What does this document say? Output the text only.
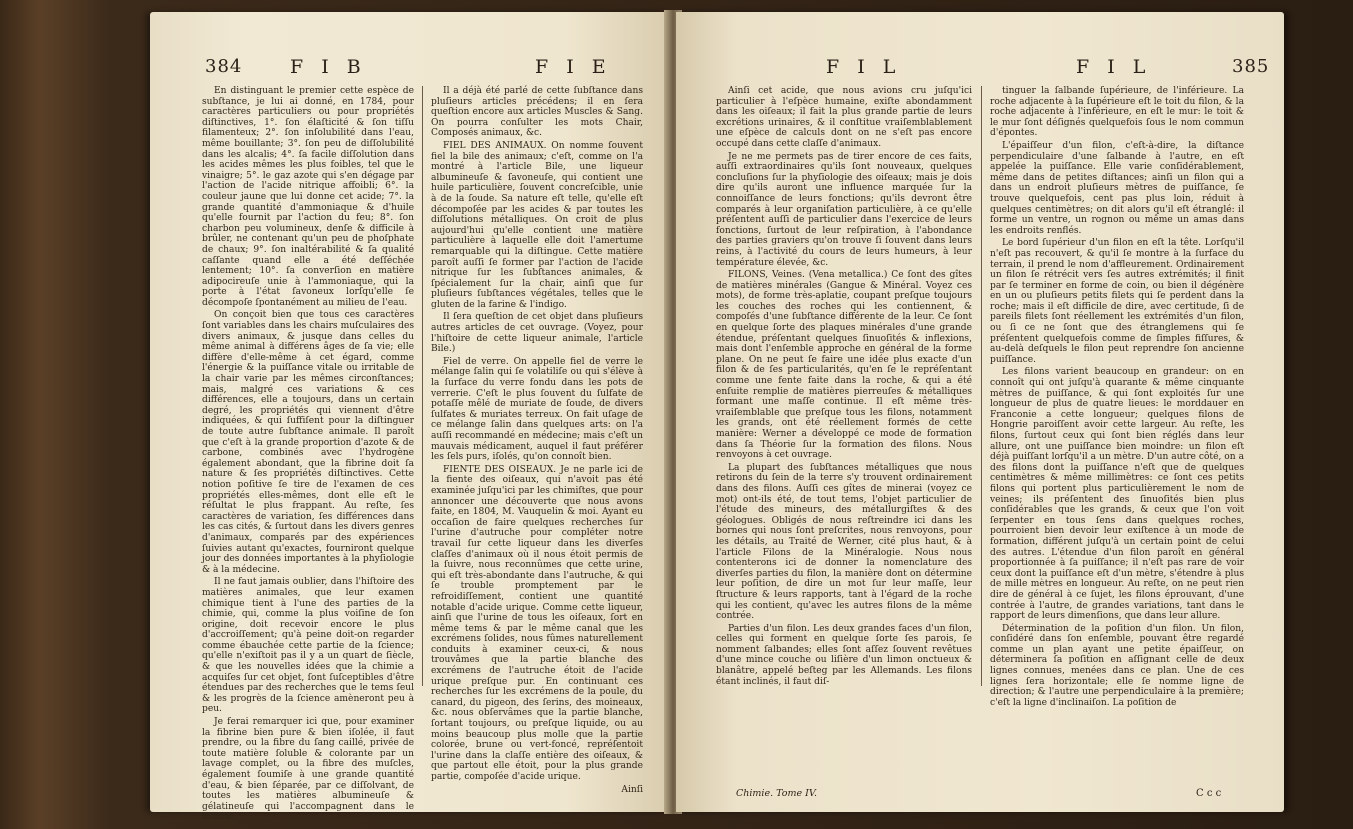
384	F I B	F I E

En distinguant le premier cette espèce de subſtance, je lui ai donné, en 1784, pour caractères particuliers ou pour propriétés diſtinctives, 1°. ſon élaſticité & ſon tiſſu filamenteux; 2°. ſon inſolubilité dans l'eau, même bouillante; 3°. ſon peu de diſſolubilité dans les alcalis; 4°. ſa facile diſſolution dans les acides mêmes les plus foibles, tel que le vinaigre; 5°. le gaz azote qui s'en dégage par l'action de l'acide nitrique affoibli; 6°. la couleur jaune que lui donne cet acide; 7°. la grande quantité d'ammoniaque & d'huile qu'elle fournit par l'action du feu; 8°. ſon charbon peu volumineux, denſe & difficile à brûler, ne contenant qu'un peu de phoſphate de chaux; 9°. ſon inaltérabilité & ſa qualité caſſante quand elle a été deſſéchée lentement; 10°. ſa converſion en matière adipocireuſe unie à l'ammoniaque, qui la porte à l'état ſavoneux lorſqu'elle ſe décompoſe ſpontanément au milieu de l'eau.

On conçoit bien que tous ces caractères ſont variables dans les chairs muſculaires des divers animaux, & jusque dans celles du même animal à différens âges de ſa vie; elle diffère d'elle-même à cet égard, comme l'énergie & la puiſſance vitale ou irritable de la chair varie par les mêmes circonſtances; mais, malgré ces variations & ces différences, elle a toujours, dans un certain degré, les propriétés qui viennent d'être indiquées, & qui ſuffiſent pour la diſtinguer de toute autre ſubſtance animale. Il paroît que c'eſt à la grande proportion d'azote & de carbone, combinés avec l'hydrogène également abondant, que la fibrine doit ſa nature & ſes propriétés diſtinctives. Cette notion poſitive ſe tire de l'examen de ces propriétés elles-mêmes, dont elle eſt le réſultat le plus frappant. Au reſte, ſes caractères de variation, ſes différences dans les cas cités, & ſurtout dans les divers genres d'animaux, comparés par des expériences ſuivies autant qu'exactes, fourniront quelque jour des données importantes à la phyſiologie & à la médecine.

Il ne faut jamais oublier, dans l'hiſtoire des matières animales, que leur examen chimique tient à l'une des parties de la chimie, qui, comme la plus voiſine de ſon origine, doit recevoir encore le plus d'accroiſſement; qu'à peine doit-on regarder comme ébauchée cette partie de la ſcience; qu'elle n'exiſtoit pas il y a un quart de ſiècle, & que les nouvelles idées que la chimie a acquiſes ſur cet objet, ſont ſuſceptibles d'être étendues par des recherches que le tems ſeul & les progrès de la ſcience amèneront peu à peu.

Je ferai remarquer ici que, pour examiner la fibrine bien pure & bien iſolée, il faut prendre, ou la fibre du ſang caillé, privée de toute matière ſoluble & colorante par un lavage complet, ou la fibre des muſcles, également ſoumiſe à une grande quantité d'eau, & bien ſéparée, par ce diſſolvant, de toutes les matières albumineuſe & gélatineuſe qui l'accompagnent dans le muſcle.

Il a déjà été parlé de cette ſubſtance dans pluſieurs articles précédens; il en ſera queſtion encore aux articles Muscles & Sang. On pourra conſulter les mots Chair, Composés animaux, &c.

FIEL DES ANIMAUX. On nomme ſouvent fiel la bile des animaux; c'eſt, comme on l'a montré à l'article Bile, une liqueur albumineuſe & ſavoneuſe, qui contient une huile particulière, ſouvent concreſcible, unie à de la ſoude. Sa nature eſt telle, qu'elle eſt décompoſée par les acides & par toutes les diſſolutions métalliques. On croit de plus aujourd'hui qu'elle contient une matière particulière à laquelle elle doit l'amertume remarquable qui la diſtingue. Cette matière paroît auſſi ſe former par l'action de l'acide nitrique ſur les ſubſtances animales, & ſpécialement ſur la chair, ainſi que ſur pluſieurs ſubſtances végétales, telles que le gluten de la farine & l'indigo.

Il ſera queſtion de cet objet dans pluſieurs autres articles de cet ouvrage. (Voyez, pour l'hiſtoire de cette liqueur animale, l'article Bile.)

Fiel de verre. On appelle fiel de verre le mélange ſalin qui ſe volatiliſe ou qui s'élève à la ſurface du verre fondu dans les pots de verrerie. C'eſt le plus ſouvent du ſulfate de potaſſe mêlé de muriate de ſoude, de divers ſulfates & muriates terreux. On fait uſage de ce mélange ſalin dans quelques arts: on l'a auſſi recommandé en médecine; mais c'eſt un mauvais médicament, auquel il faut préférer les ſels purs, iſolés, qu'on connoît bien.

FIENTE DES OISEAUX. Je ne parle ici de la fiente des oiſeaux, qui n'avoit pas été examinée juſqu'ici par les chimiſtes, que pour annoncer une découverte que nous avons faite, en 1804, M. Vauquelin & moi. Ayant eu occaſion de faire quelques recherches ſur l'urine d'autruche pour compléter notre travail ſur cette liqueur dans les diverſes claſſes d'animaux où il nous étoit permis de la ſuivre, nous reconnûmes que cette urine, qui eſt très-abondante dans l'autruche, & qui ſe trouble promptement par le refroidiſſement, contient une quantité notable d'acide urique. Comme cette liqueur, ainſi que l'urine de tous les oiſeaux, ſort en même tems & par le même canal que les excrémens ſolides, nous fûmes naturellement conduits à examiner ceux-ci, & nous trouvâmes que la partie blanche des excrémens de l'autruche étoit de l'acide urique preſque pur. En continuant ces recherches ſur les excrémens de la poule, du canard, du pigeon, des ſerins, des moineaux, &c. nous obſervâmes que la partie blanche, ſortant toujours, ou preſque liquide, ou au moins beaucoup plus molle que la partie colorée, brune ou vert-foncé, repréſentoit l'urine dans la claſſe entière des oiſeaux, & que partout elle étoit, pour la plus grande partie, compoſée d'acide urique.

Ainſi

F I L	F I L	385

Ainſi cet acide, que nous avions cru juſqu'ici particulier à l'eſpèce humaine, exiſte abondamment dans les oiſeaux; il fait la plus grande partie de leurs excrétions urinaires, & il conſtitue vraiſemblablement une eſpèce de calculs dont on ne s'eſt pas encore occupé dans cette claſſe d'animaux.

Je ne me permets pas de tirer encore de ces faits, auſſi extraordinaires qu'ils ſont nouveaux, quelques concluſions ſur la phyſiologie des oiſeaux; mais je dois dire qu'ils auront une influence marquée ſur la connoiſſance de leurs fonctions; qu'ils devront être comparés à leur organiſation particulière, à ce qu'elle préſentent auſſi de particulier dans l'exercice de leurs fonctions, ſurtout de leur reſpiration, à l'abondance des parties graviers qu'on trouve ſi ſouvent dans leurs reins, à l'activité du cours de leurs humeurs, à leur température élevée, &c.

FILONS, Veines. (Vena metallica.) Ce ſont des gîtes de matières minérales (Gangue & Minéral. Voyez ces mots), de forme très-aplatie, coupant preſque toujours les couches des roches qui les contiennent, & compoſés d'une ſubſtance différente de la leur. Ce ſont en quelque ſorte des plaques minérales d'une grande étendue, préſentant quelques ſinuoſités & inflexions, mais dont l'enſemble approche en général de la forme plane. On ne peut ſe faire une idée plus exacte d'un filon & de ſes particularités, qu'en ſe le repréſentant comme une fente faite dans la roche, & qui a été enſuite remplie de matières pierreuſes & métalliques formant une maſſe continue. Il eſt même très-vraiſemblable que preſque tous les filons, notamment les grands, ont été réellement formés de cette manière: Werner a développé ce mode de formation dans ſa Théorie ſur la formation des filons. Nous renvoyons à cet ouvrage.

La plupart des ſubſtances métalliques que nous retirons du ſein de la terre s'y trouvent ordinairement dans des filons. Auſſi ces gîtes de minerai (voyez ce mot) ont-ils été, de tout tems, l'objet particulier de l'étude des mineurs, des métallurgiſtes & des géologues. Obligés de nous reſtreindre ici dans les bornes qui nous ſont preſcrites, nous renvoyons, pour les détails, au Traité de Werner, cité plus haut, & à l'article Filons de la Minéralogie. Nous nous contenterons ici de donner la nomenclature des diverſes parties du filon, la manière dont on détermine leur poſition, de dire un mot ſur leur maſſe, leur ſtructure & leurs rapports, tant à l'égard de la roche qui les contient, qu'avec les autres filons de la même contrée.

Parties d'un filon. Les deux grandes faces d'un filon, celles qui forment en quelque ſorte ſes parois, ſe nomment ſalbandes; elles ſont aſſez ſouvent revêtues d'une mince couche ou liſière d'un limon onctueux & blanâtre, appelé beſteg par les Allemands. Les filons étant inclinés, il faut diſ-

tinguer la ſalbande ſupérieure, de l'inférieure. La roche adjacente à la ſupérieure eſt le toit du filon, & la roche adjacente à l'inférieure, en eſt le mur: le toit & le mur ſont déſignés quelquefois ſous le nom commun d'épontes.

L'épaiſſeur d'un filon, c'eſt-à-dire, la diſtance perpendiculaire d'une ſalbande à l'autre, en eſt appelée la puiſſance. Elle varie conſidérablement, même dans de petites diſtances; ainſi un filon qui a dans un endroit pluſieurs mètres de puiſſance, ſe trouve quelquefois, cent pas plus loin, réduit à quelques centimètres; on dit alors qu'il eſt étranglé: il forme un ventre, un rognon ou même un amas dans les endroits renflés.

Le bord ſupérieur d'un filon en eſt la tête. Lorſqu'il n'eſt pas recouvert, & qu'il ſe montre à la ſurface du terrain, il prend le nom d'affleurement. Ordinairement un filon ſe rétrécit vers ſes autres extrémités; il finit par ſe terminer en forme de coin, ou bien il dégénère en un ou pluſieurs petits filets qui ſe perdent dans la roche; mais il eſt difficile de dire, avec certitude, ſi de pareils filets ſont réellement les extrémités d'un filon, ou ſi ce ne ſont que des étranglemens qui ſe préſentent quelquefois comme de ſimples fiſſures, & au-delà deſquels le filon peut reprendre ſon ancienne puiſſance.

Les filons varient beaucoup en grandeur: on en connoît qui ont juſqu'à quarante & même cinquante mètres de puiſſance, & qui ſont exploités ſur une longueur de plus de quatre lieues: le morddauer en Franconie a cette longueur; quelques filons de Hongrie paroiſſent avoir cette largeur. Au reſte, les filons, ſurtout ceux qui ſont bien réglés dans leur allure, ont une puiſſance bien moindre: un filon eſt déjà puiſſant lorſqu'il a un mètre. D'un autre côté, on a des filons dont la puiſſance n'eſt que de quelques centimètres & même millimètres: ce ſont ces petits filons qui portent plus particulièrement le nom de veines; ils préſentent des ſinuoſités bien plus conſidérables que les grands, & ceux que l'on voit ſerpenter en tous ſens dans quelques roches, pourroient bien devoir leur exiſtence à un mode de formation, différent juſqu'à un certain point de celui des autres. L'étendue d'un filon paroît en général proportionnée à ſa puiſſance; il n'eſt pas rare de voir ceux dont la puiſſance eſt d'un mètre, s'étendre à plus de mille mètres en longueur. Au reſte, on ne peut rien dire de général à ce ſujet, les filons éprouvant, d'une contrée à l'autre, de grandes variations, tant dans le rapport de leurs dimenſions, que dans leur allure.

Détermination de la poſition d'un filon. Un filon, conſidéré dans ſon enſemble, pouvant être regardé comme un plan ayant une petite épaiſſeur, on déterminera ſa poſition en aſſignant celle de deux lignes connues, menées dans ce plan. Une de ces lignes ſera horizontale; elle ſe nomme ligne de direction; & l'autre une perpendiculaire à la première; c'eſt la ligne d'inclinaiſon. La poſition de

Chimie. Tome IV.	C c c
